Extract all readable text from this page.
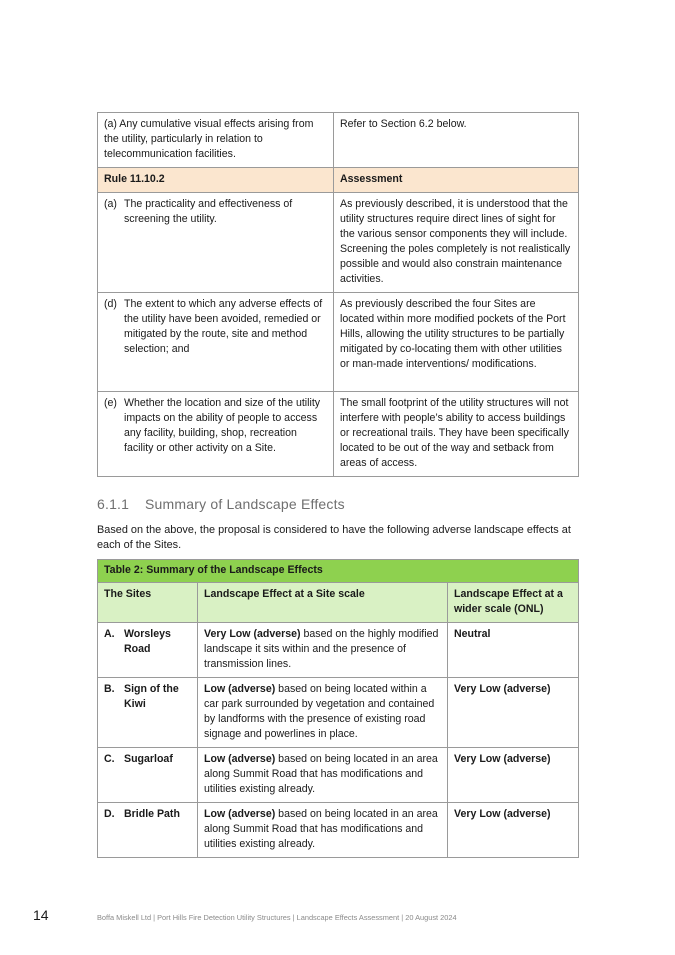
(a) Any cumulative visual effects arising from the utility, particularly in relation to telecommunication facilities.	Refer to Section 6.2 below.
Rule 11.10.2	Assessment

(a) The practicality and effectiveness of screening the utility.	As previously described, it is understood that the utility structures require direct lines of sight for the various sensor components they will include. Screening the poles completely is not realistically possible and would also constrain maintenance activities.

(d) The extent to which any adverse effects of the utility have been avoided, remedied or mitigated by the route, site and method selection; and	As previously described the four Sites are located within more modified pockets of the Port Hills, allowing the utility structures to be partially mitigated by co-locating them with other utilities or man-made interventions/ modifications.

(e) Whether the location and size of the utility impacts on the ability of people to access any facility, building, shop, recreation facility or other activity on a Site.	The small footprint of the utility structures will not interfere with people’s ability to access buildings or recreational trails. They have been specifically located to be out of the way and setback from areas of access.
6.1.1 Summary of Landscape Effects
Based on the above, the proposal is considered to have the following adverse landscape effects at each of the Sites.
Table 2: Summary of the Landscape Effects		
The Sites	Landscape Effect at a Site scale	Landscape Effect at a wider scale (ONL)

A. Worsleys Road	Very Low (adverse) based on the highly modified landscape it sits within and the presence of transmission lines.	Neutral

B. Sign of the Kiwi	Low (adverse) based on being located within a car park surrounded by vegetation and contained by landforms with the presence of existing road signage and powerlines in place.	Very Low (adverse)

C. Sugarloaf	Low (adverse) based on being located in an area along Summit Road that has modifications and utilities existing already.	Very Low (adverse)

D. Bridle Path	Low (adverse) based on being located in an area along Summit Road that has modifications and utilities existing already.	Very Low (adverse)
14	Boffa Miskell Ltd | Port Hills Fire Detection Utility Structures | Landscape Effects Assessment | 20 August 2024
